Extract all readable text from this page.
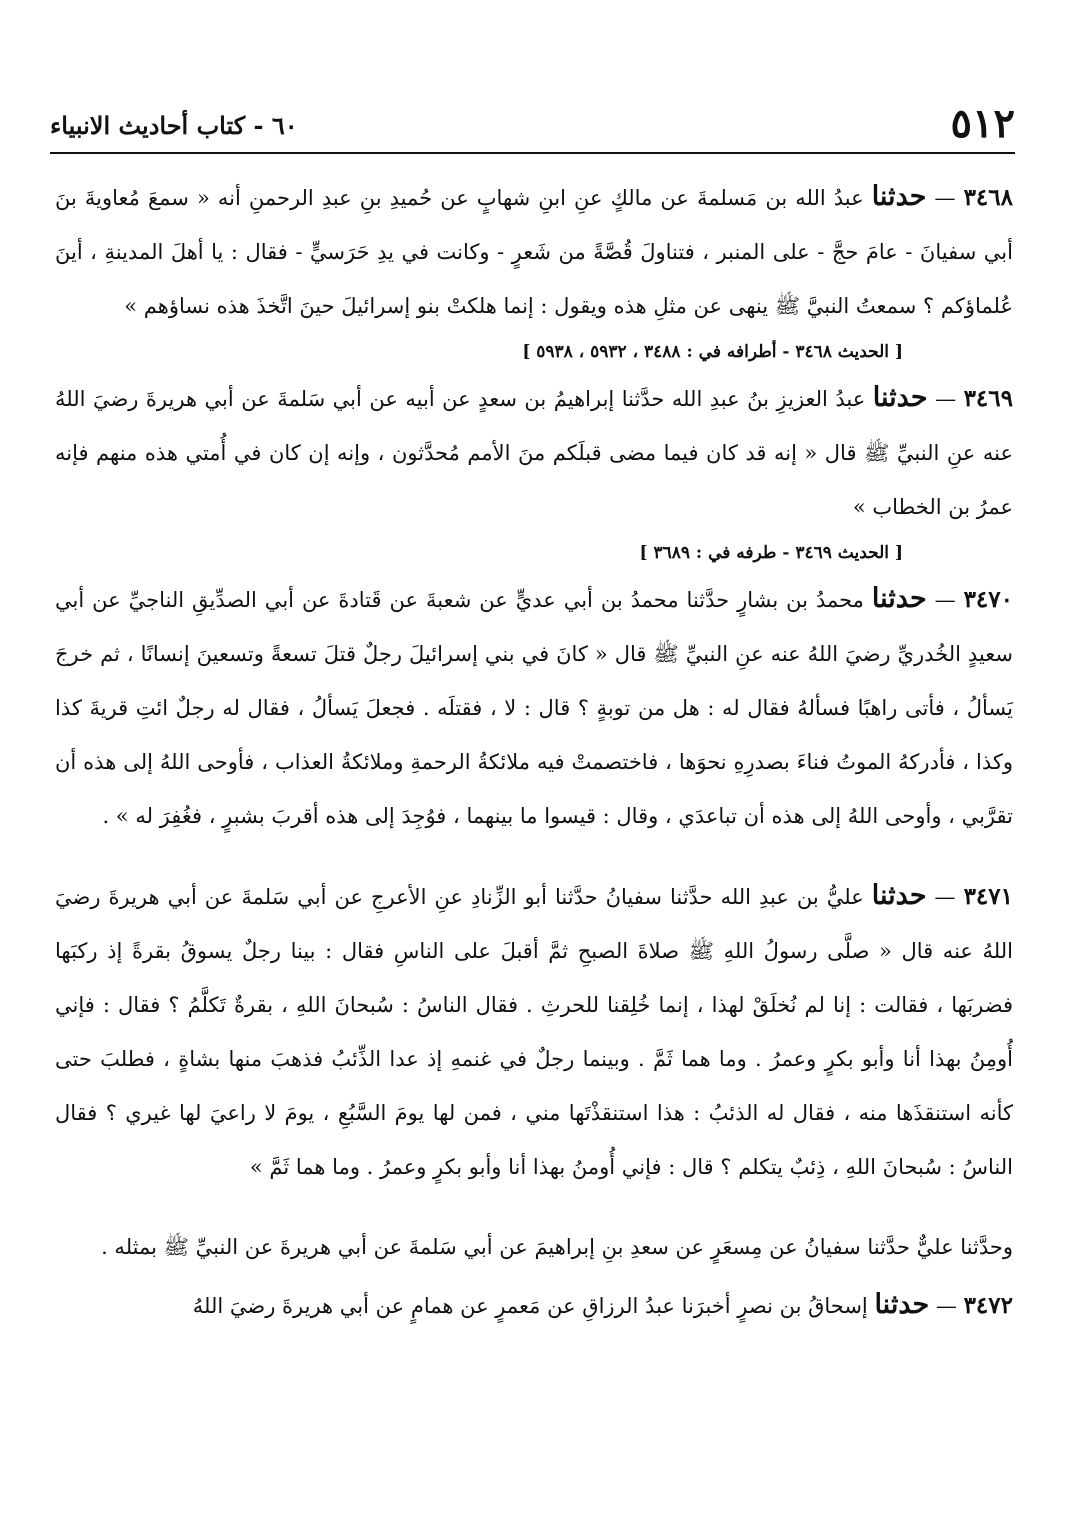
٥١٢
٦٠ - كتاب أحاديث الانبياء

٣٤٦٨ — حدثنا عبدُ الله بن مَسلمةَ عن مالكٍ عنِ ابنِ شهابٍ عن حُميدِ بنِ عبدِ الرحمنِ أنه « سمعَ مُعاويةَ بنَ أبي سفيانَ - عامَ حجَّ - على المنبر ، فتناولَ قُصَّةً من شَعرٍ - وكانت في يدِ حَرَسيٍّ - فقال : يا أهلَ المدينةِ ، أينَ عُلماؤكم ؟ سمعتُ النبيَّ ﷺ ينهى عن مثلِ هذه ويقول : إنما هلكتْ بنو إسرائيلَ حينَ اتَّخذَ هذه نساؤهم »

[ الحديث ٣٤٦٨ - أطرافه في : ٣٤٨٨ ، ٥٩٣٢ ، ٥٩٣٨ ]

٣٤٦٩ — حدثنا عبدُ العزيزِ بنُ عبدِ الله حدَّثنا إبراهيمُ بن سعدٍ عن أبيه عن أبي سَلمةَ عن أبي هريرةَ رضيَ اللهُ عنه عنِ النبيِّ ﷺ قال « إنه قد كان فيما مضى قبلَكم منَ الأمم مُحدَّثون ، وإنه إن كان في أُمتي هذه منهم فإنه عمرُ بن الخطاب »

[ الحديث ٣٤٦٩ - طرفه في : ٣٦٨٩ ]

٣٤٧٠ — حدثنا محمدُ بن بشارٍ حدَّثنا محمدُ بن أبي عديٍّ عن شعبةَ عن قَتادةَ عن أبي الصدِّيقِ الناجيِّ عن أبي سعيدٍ الخُدريِّ رضيَ اللهُ عنه عنِ النبيِّ ﷺ قال « كانَ في بني إسرائيلَ رجلٌ قتلَ تسعةً وتسعينَ إنسانًا ، ثم خرجَ يَسألُ ، فأتى راهبًا فسألهُ فقال له : هل من توبةٍ ؟ قال : لا ، فقتلَه . فجعلَ يَسألُ ، فقال له رجلٌ ائتِ قريةَ كذا وكذا ، فأدركهُ الموتُ فناءَ بصدرِهِ نحوَها ، فاختصمتْ فيه ملائكةُ الرحمةِ وملائكةُ العذاب ، فأوحى اللهُ إلى هذه أن تقرَّبي ، وأوحى اللهُ إلى هذه أن تباعدَي ، وقال : قيسوا ما بينهما ، فوُجِدَ إلى هذه أقربَ بشبرٍ ، فغُفِرَ له » .

٣٤٧١ — حدثنا عليُّ بن عبدِ الله حدَّثنا سفيانُ حدَّثنا أبو الزِّنادِ عنِ الأعرجِ عن أبي سَلمةَ عن أبي هريرةَ رضيَ اللهُ عنه قال « صلَّى رسولُ اللهِ ﷺ صلاةَ الصبحِ ثمَّ أقبلَ على الناسِ فقال : بينا رجلٌ يسوقُ بقرةً إذ ركبَها فضربَها ، فقالت : إنا لم نُخلَقْ لهذا ، إنما خُلِقنا للحرثِ . فقال الناسُ : سُبحانَ اللهِ ، بقرةٌ تَكلَّمُ ؟ فقال : فإني أُومِنُ بهذا أنا وأبو بكرٍ وعمرُ . وما هما ثَمَّ . وبينما رجلٌ في غنمهِ إذ عدا الذِّئبُ فذهبَ منها بشاةٍ ، فطلبَ حتى كأنه استنقذَها منه ، فقال له الذئبُ : هذا استنقذْتَها مني ، فمن لها يومَ السَّبُعِ ، يومَ لا راعيَ لها غيري ؟ فقال الناسُ : سُبحانَ اللهِ ، ذِئبٌ يتكلم ؟ قال : فإني أُومنُ بهذا أنا وأبو بكرٍ وعمرُ . وما هما ثَمَّ »

وحدَّثنا عليٌّ حدَّثنا سفيانُ عن مِسعَرٍ عن سعدِ بنِ إبراهيمَ عن أبي سَلمةَ عن أبي هريرةَ عن النبيِّ ﷺ بمثله .

٣٤٧٢ — حدثنا إسحاقُ بن نصرٍ أخبرَنا عبدُ الرزاقِ عن مَعمرٍ عن همامٍ عن أبي هريرةَ رضيَ اللهُ
